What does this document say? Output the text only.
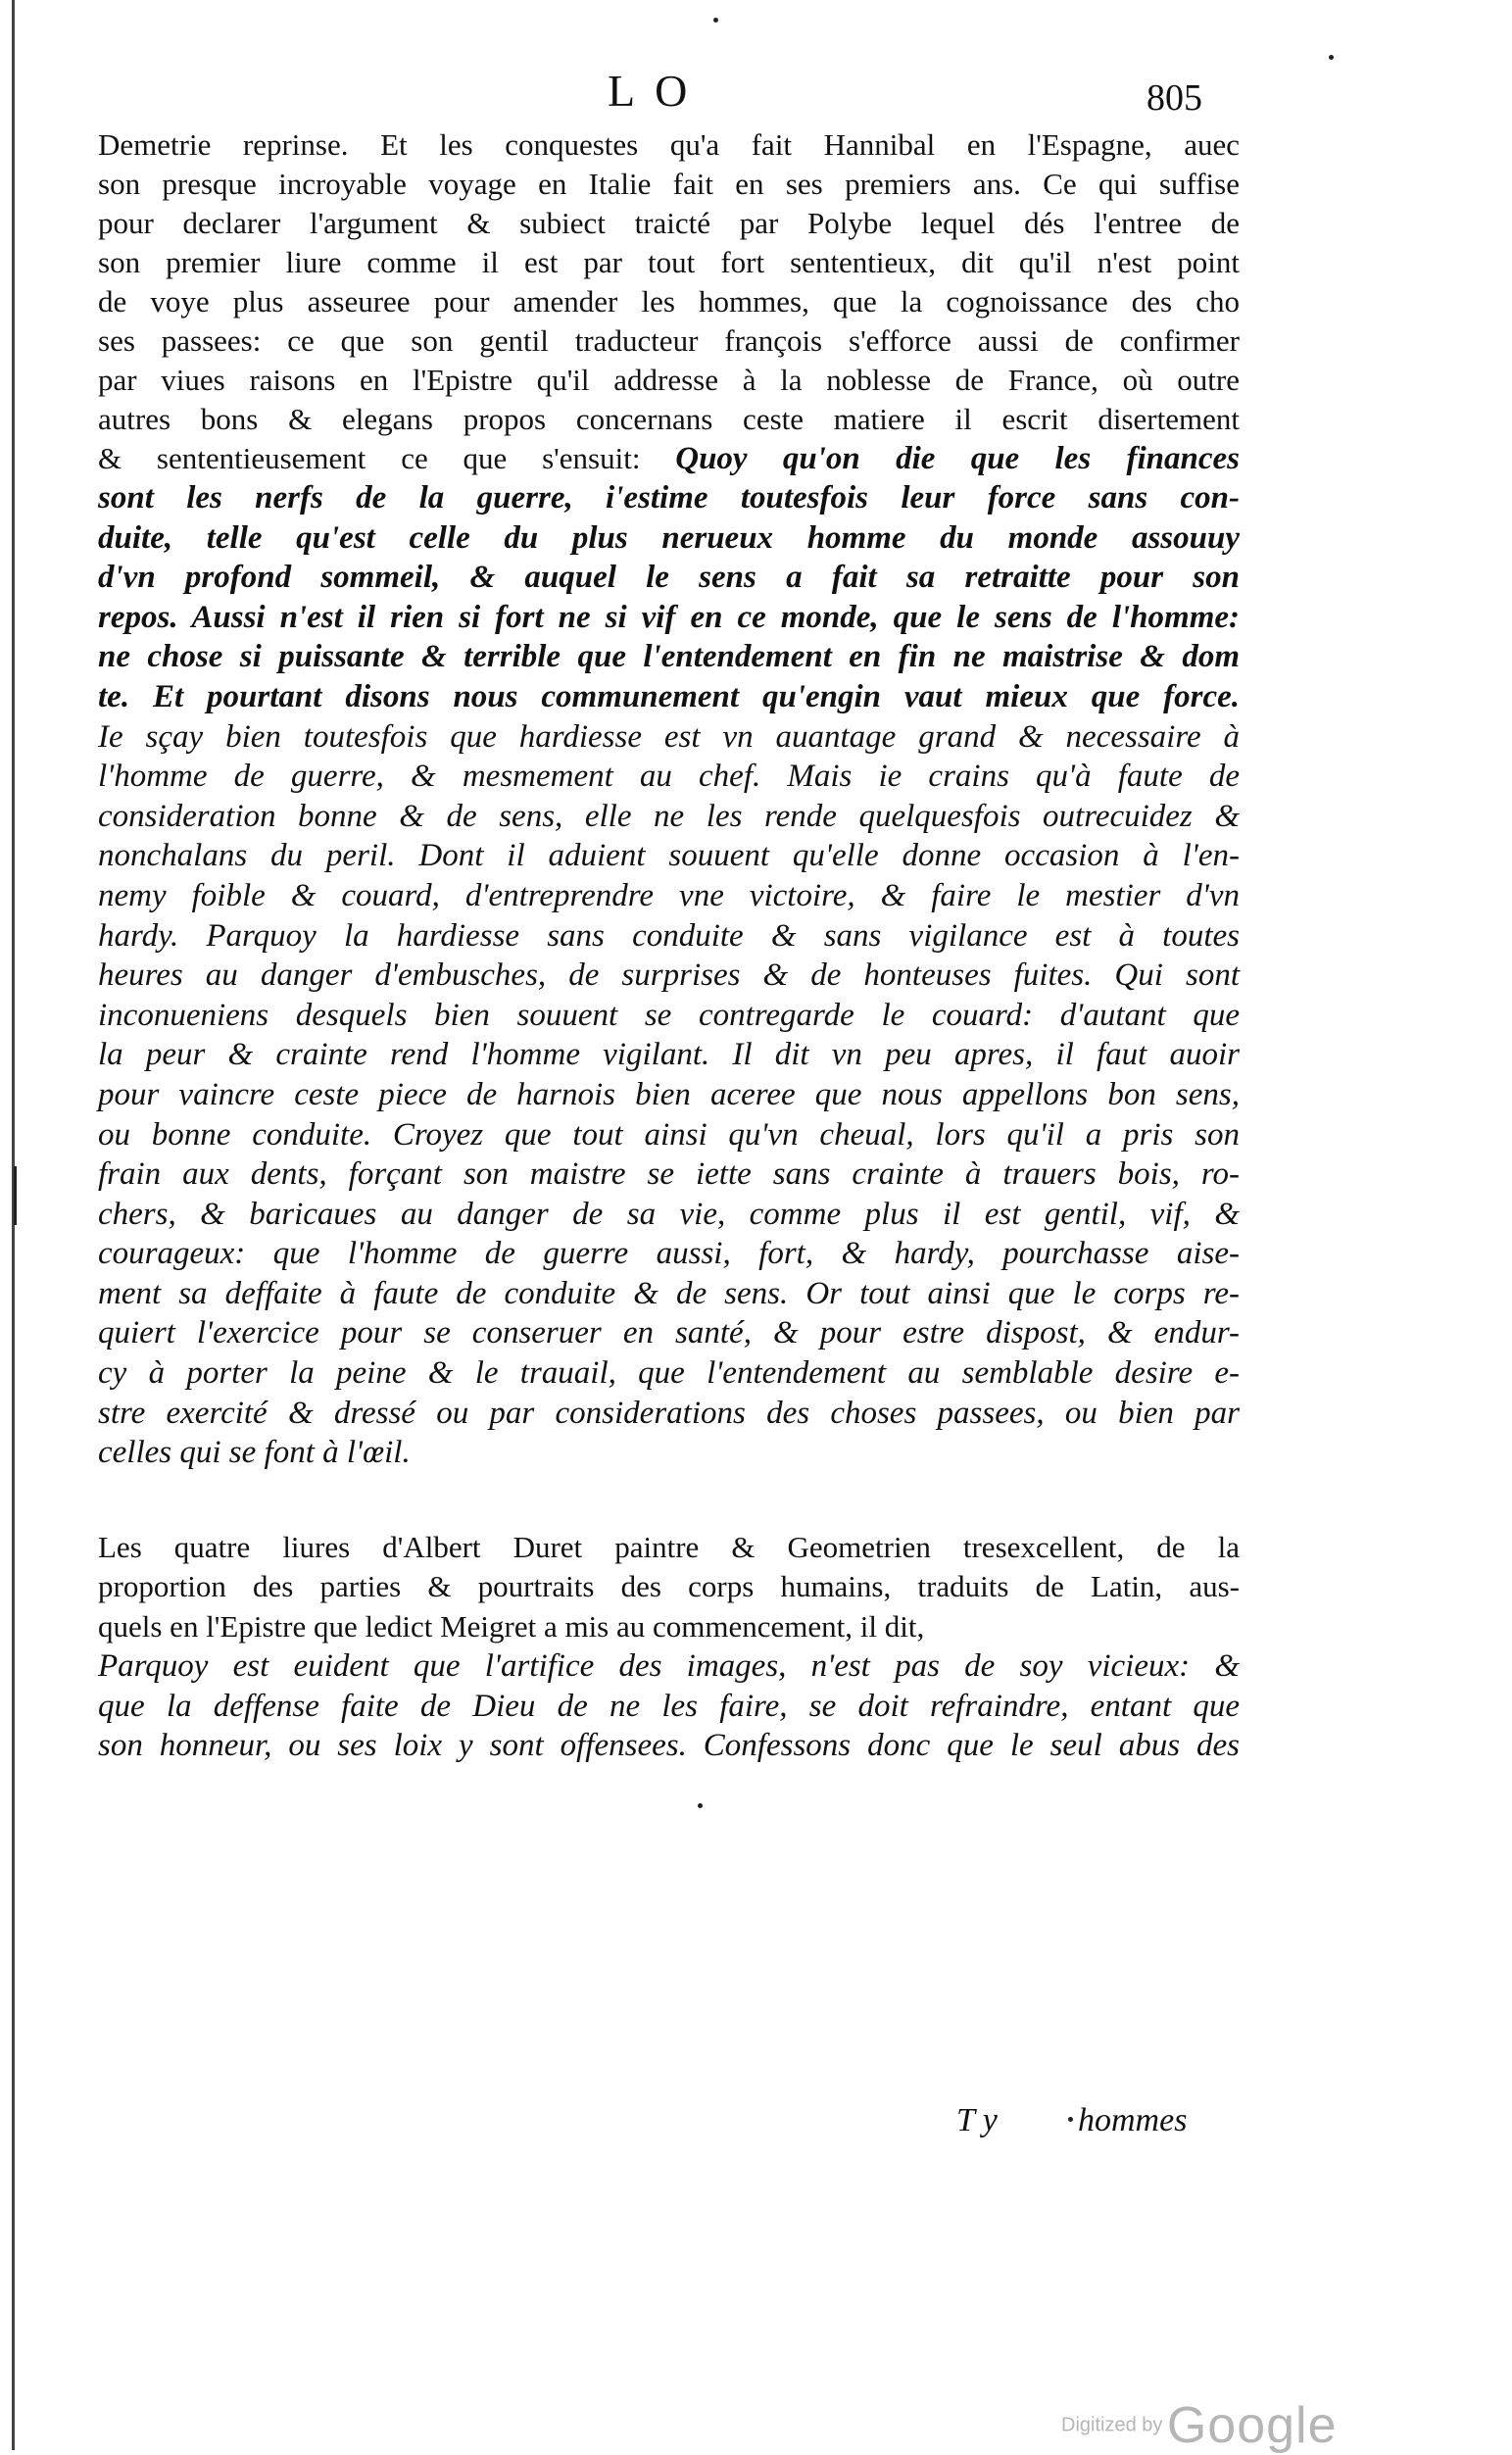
LO	805
Demetrie reprinse. Et les conquestes qu'a fait Hannibal en l'Espagne, auec
son presque incroyable voyage en Italie fait en ses premiers ans. Ce qui suffise
pour declarer l'argument & subiect traicté par Polybe lequel dés l'entree de
son premier liure comme il est par tout fort sententieux, dit qu'il n'est point
de voye plus asseuree pour amender les hommes, que la cognoissance des cho
ses passees: ce que son gentil traducteur françois s'efforce aussi de confirmer
par viues raisons en l'Epistre qu'il addresse à la noblesse de France, où outre
autres bons & elegans propos concernans ceste matiere il escrit disertement
& sententieusement ce que s'ensuit: Quoy qu'on die que les finances
sont les nerfs de la guerre, i'estime toutesfois leur force sans con-
duite, telle qu'est celle du plus nerueux homme du monde assouuy
d'vn profond sommeil, & auquel le sens a fait sa retraitte pour son
repos. Aussi n'est il rien si fort ne si vif en ce monde, que le sens de l'homme:
ne chose si puissante & terrible que l'entendement en fin ne maistrise & dom
te. Et pourtant disons nous communement qu'engin vaut mieux que force.
Ie sçay bien toutesfois que hardiesse est vn auantage grand & necessaire à
l'homme de guerre, & mesmement au chef. Mais ie crains qu'à faute de
consideration bonne & de sens, elle ne les rende quelquesfois outrecuidez &
nonchalans du peril. Dont il aduient souuent qu'elle donne occasion à l'en-
nemy foible & couard, d'entreprendre vne victoire, & faire le mestier d'vn
hardy. Parquoy la hardiesse sans conduite & sans vigilance est à toutes
heures au danger d'embusches, de surprises & de honteuses fuites. Qui sont
inconueniens desquels bien souuent se contregarde le couard: d'autant que
la peur & crainte rend l'homme vigilant. Il dit vn peu apres, il faut auoir
pour vaincre ceste piece de harnois bien aceree que nous appellons bon sens,
ou bonne conduite. Croyez que tout ainsi qu'vn cheual, lors qu'il a pris son
frain aux dents, forçant son maistre se iette sans crainte à trauers bois, ro-
chers, & baricaues au danger de sa vie, comme plus il est gentil, vif, &
courageux: que l'homme de guerre aussi, fort, & hardy, pourchasse aise-
ment sa deffaite à faute de conduite & de sens. Or tout ainsi que le corps re-
quiert l'exercice pour se conseruer en santé, & pour estre dispost, & endur-
cy à porter la peine & le trauail, que l'entendement au semblable desire e-
stre exercité & dressé ou par considerations des choses passees, ou bien par
celles qui se font à l'œil.
Les quatre liures d'Albert Duret paintre & Geometrien tresexcellent, de la
proportion des parties & pourtraits des corps humains, traduits de Latin, aus-
quels en l'Epistre que ledict Meigret a mis au commencement, il dit,
Parquoy est euident que l'artifice des images, n'est pas de soy vicieux: &
que la deffense faite de Dieu de ne les faire, se doit refraindre, entant que
son honneur, ou ses loix y sont offensees. Confessons donc que le seul abus des
T y hommes
Digitized by Google
